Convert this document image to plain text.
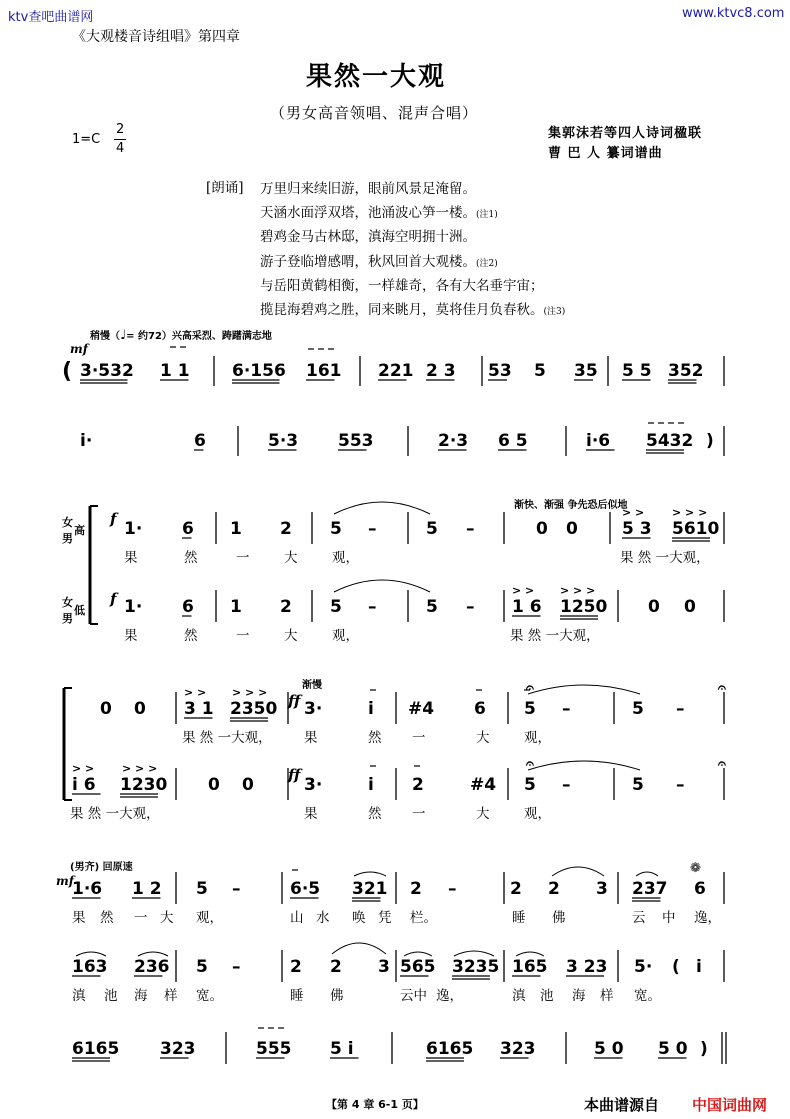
ktv查吧曲谱网	www.ktvc8.com
《大观楼音诗组唱》第四章
果然一大观
（男女高音领唱、混声合唱）
1=C
2
4
集郭沫若等四人诗词楹联
曹 巴 人 纂词谱曲
[朗诵] 万里归来续旧游，眼前风景足淹留。
天涵水面浮双塔，池涌波心笋一楼。(注1)
碧鸡金马古林邸，滇海空明拥十洲。
游子登临增感喟，秋风回首大观楼。(注2)
与岳阳黄鹤相衡，一样雄奇，各有大名垂宇宙；
揽昆海碧鸡之胜，同来眺月，莫将佳月负春秋。(注3)
稍慢（♩= 约72）兴高采烈、踌躇满志地
mf
渐快、渐强 争先恐后似地
渐慢
(男齐) 回原速
f
f
ff
ff
mf
女
高
男
女
低
男
( 3·532 1 1 6·156 161 221 2 3 53 5 35 5 5 352
i·	6	5·3 553	2·3 6 5	i·6 5432 )
1· 6 1 2 5 –	5 –	0 0	5 3 5610
> >	> > >
1· 6 1 2 5 –	5 – 1 6 1250
> > > > >
0 0
0 0 3 1 2350
> > > > >
3·	i #4 6 5 –
𝄐
5 –
𝄐
i 6 1230
> >	> > >
0 0	3·	i 2	#4 5 –
𝄐
5 –
𝄐
1·6 1 2 5 –	6·5 321 2 –	2 2 3 237 6
❁
163 236 5 –	2 2 3 565 3235 165 3 23 5· ( i
6165 323	555 5 i	6165 323	5 0 5 0 )
果	然	一	大	观，	果 然 一大观，
果	然	一	大	观，	果 然 一大观，
果 然 一大观， 果	然 一	大	观，
果 然 一大观，	果	然 一	大	观，
果 然 一 大 观，	山 水 唤 凭 栏。	睡 佛	云 中 逸，
滇 池 海 样 宽。	睡 佛	云中 逸，	滇 池 海 样 宽。
【第 4 章 6-1 页】	本曲谱源自 中国词曲网
